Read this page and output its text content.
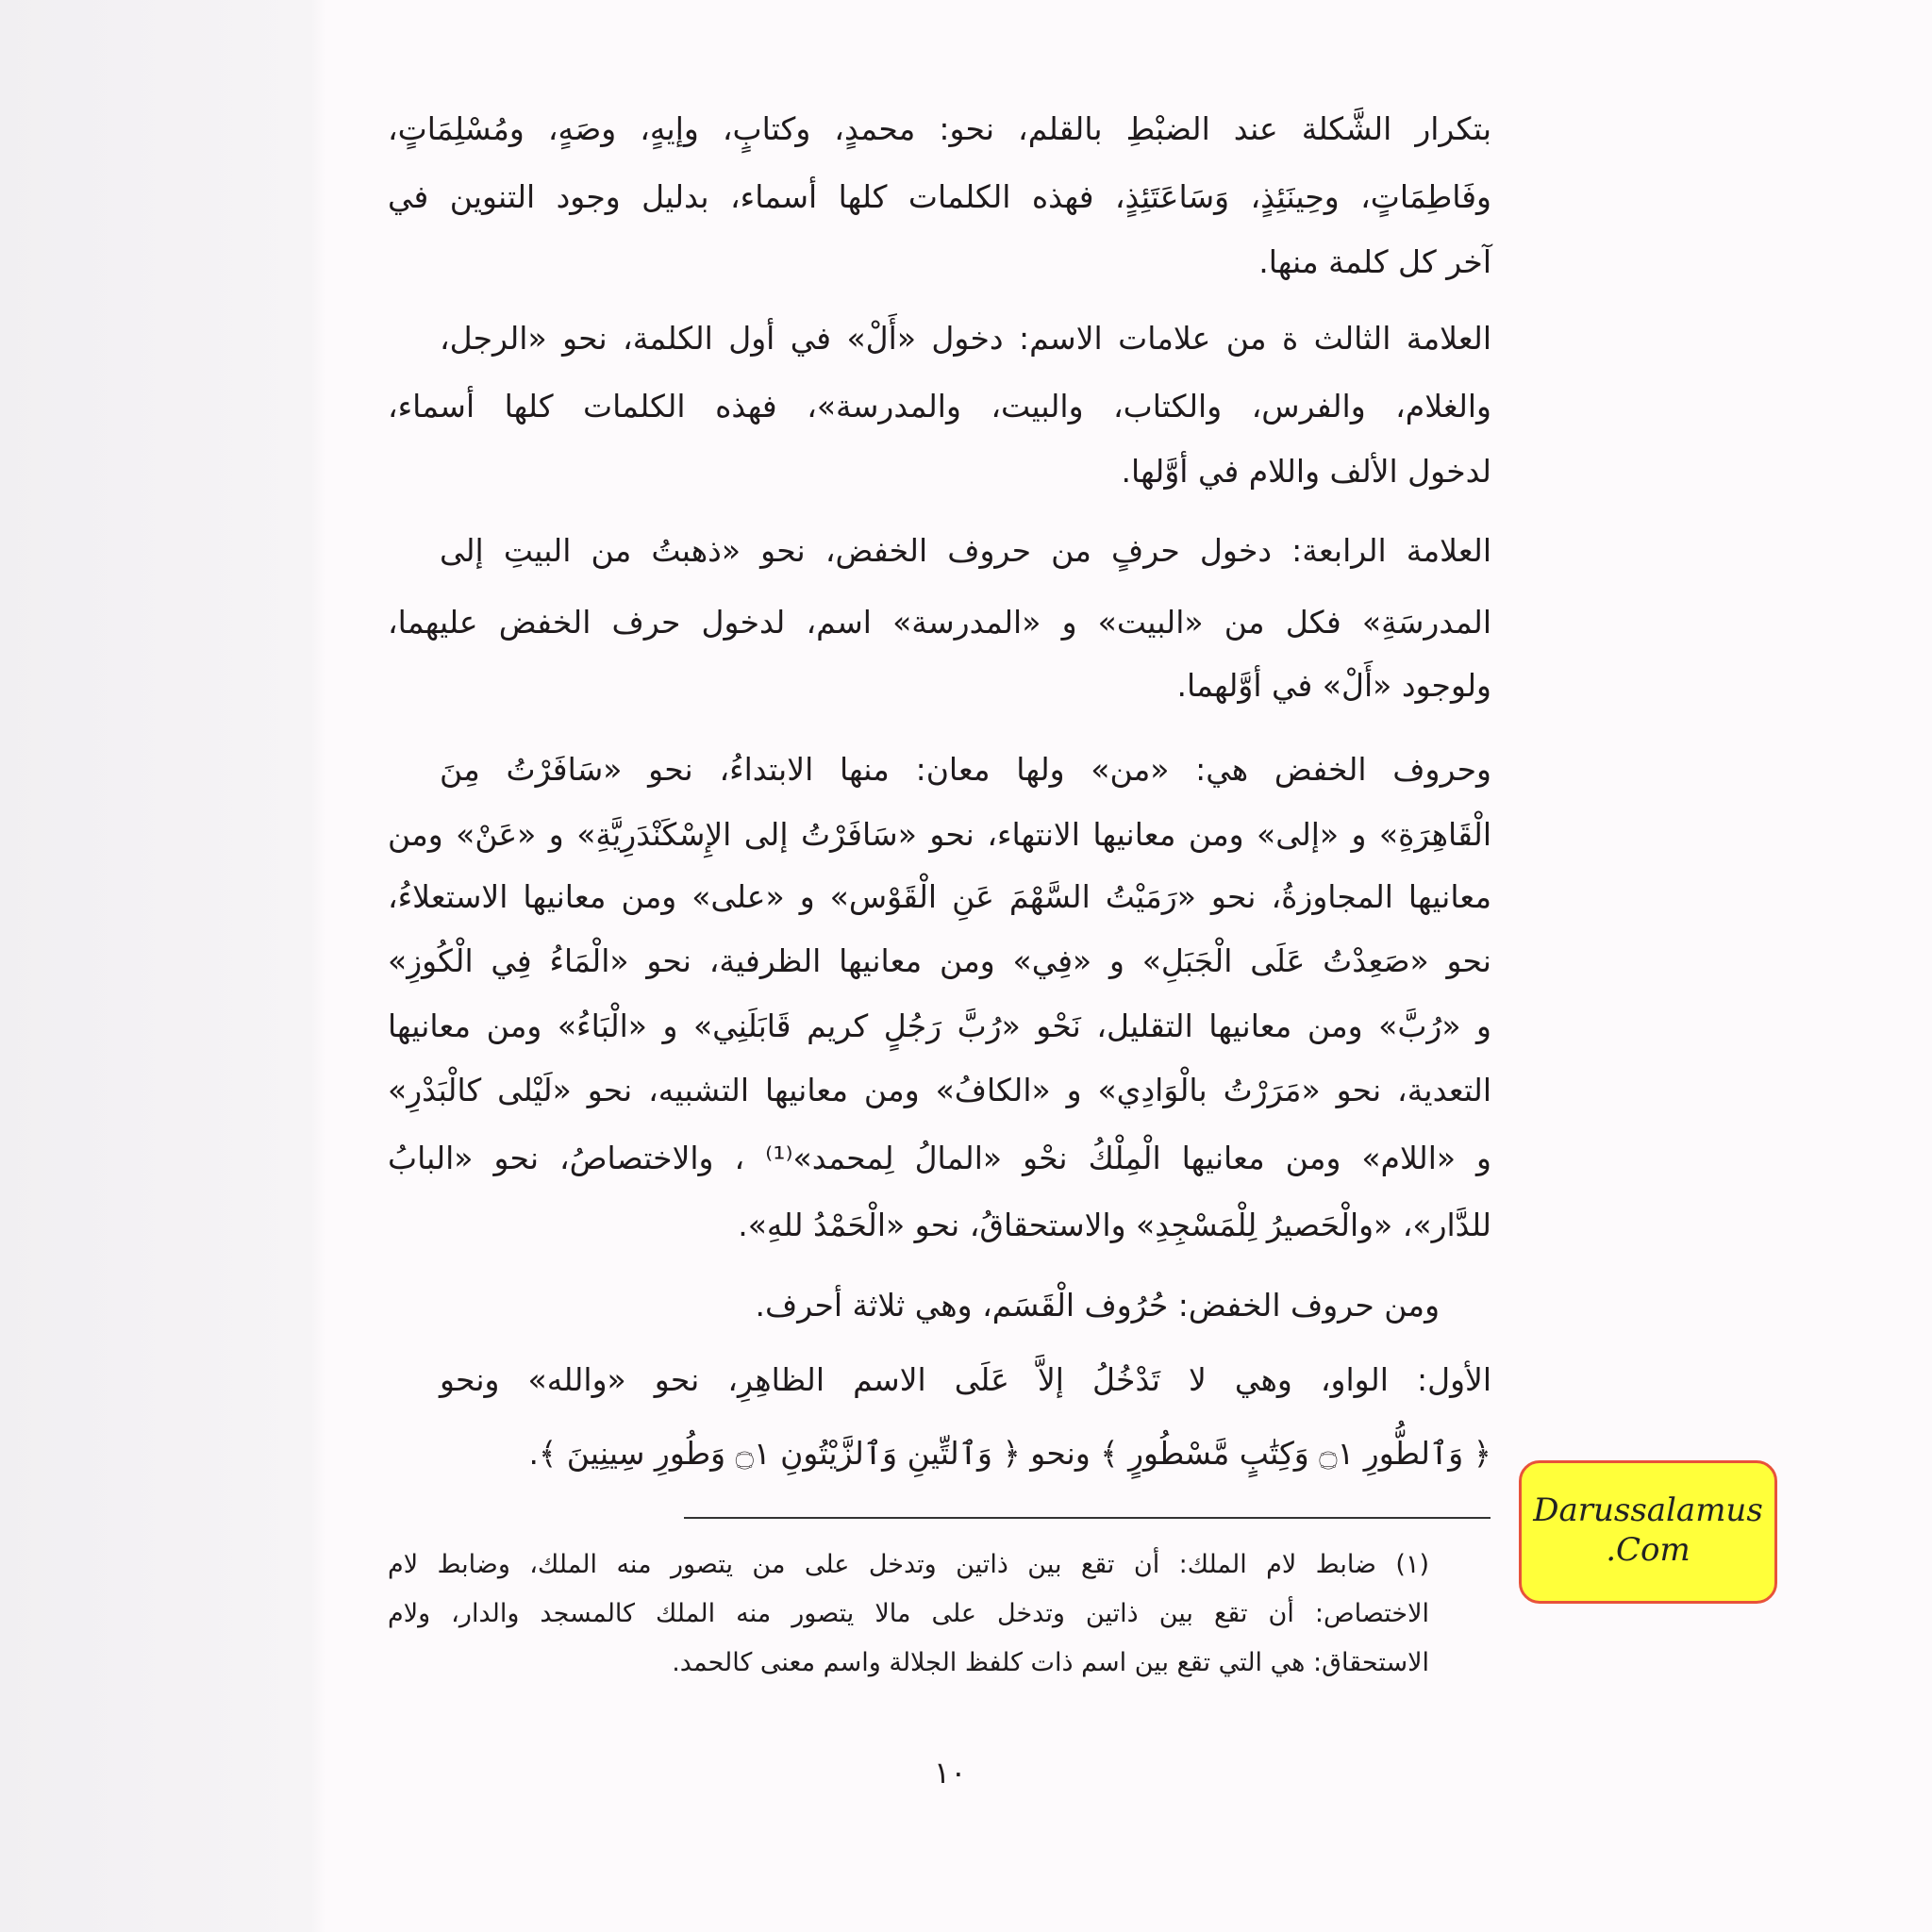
بتكرار الشَّكلة عند الضبْطِ بالقلم، نحو: محمدٍ، وكتابٍ، وإيهٍ، وصَهٍ، ومُسْلِمَاتٍ،
وفَاطِمَاتٍ، وحِينَئِذٍ، وَسَاعَتَئِذٍ، فهذه الكلمات كلها أسماء، بدليل وجود التنوين في
آخر كل كلمة منها.
العلامة الثالث ة من علامات الاسم: دخول «أَلْ» في أول الكلمة، نحو «الرجل،
والغلام، والفرس، والكتاب، والبيت، والمدرسة»، فهذه الكلمات كلها أسماء،
لدخول الألف واللام في أوَّلها.
العلامة الرابعة: دخول حرفٍ من حروف الخفض، نحو «ذهبتُ من البيتِ إلى
المدرسَةِ» فكل من «البيت» و «المدرسة» اسم، لدخول حرف الخفض عليهما،
ولوجود «أَلْ» في أوَّلهما.
وحروف الخفض هي: «من» ولها معان: منها الابتداءُ، نحو «سَافَرْتُ مِنَ
الْقَاهِرَةِ» و «إلى» ومن معانيها الانتهاء، نحو «سَافَرْتُ إلى الإِسْكَنْدَرِيَّةِ» و «عَنْ» ومن
معانيها المجاوزةُ، نحو «رَمَيْتُ السَّهْمَ عَنِ الْقَوْس» و «على» ومن معانيها الاستعلاءُ،
نحو «صَعِدْتُ عَلَى الْجَبَلِ» و «فِي» ومن معانيها الظرفية، نحو «الْمَاءُ فِي الْكُوزِ»
و «رُبَّ» ومن معانيها التقليل، نَحْو «رُبَّ رَجُلٍ كريم قَابَلَنِي» و «الْبَاءُ» ومن معانيها
التعدية، نحو «مَرَرْتُ بالْوَادِي» و «الكافُ» ومن معانيها التشبيه، نحو «لَيْلى كالْبَدْرِ»
و «اللام» ومن معانيها الْمِلْكُ نحْو «المالُ لِمحمد»⁽¹⁾ ، والاختصاصُ، نحو «البابُ
للدَّار»، «والْحَصيرُ لِلْمَسْجِدِ» والاستحقاقُ، نحو «الْحَمْدُ للهِ».
ومن حروف الخفض: حُرُوف الْقَسَم، وهي ثلاثة أحرف.
الأول: الواو، وهي لا تَدْخُلُ إلاَّ عَلَى الاسم الظاهِرِ، نحو «والله» ونحو
﴿ وَٱلطُّورِ ۝١ وَكِتَٰبٍ مَّسْطُورٍ ﴾ ونحو ﴿ وَٱلتِّينِ وَٱلزَّيْتُونِ ۝١ وَطُورِ سِينِينَ ﴾.
(١) ضابط لام الملك: أن تقع بين ذاتين وتدخل على من يتصور منه الملك، وضابط لام
الاختصاص: أن تقع بين ذاتين وتدخل على مالا يتصور منه الملك كالمسجد والدار، ولام
الاستحقاق: هي التي تقع بين اسم ذات كلفظ الجلالة واسم معنى كالحمد.
١٠
Darussalamus
.Com
